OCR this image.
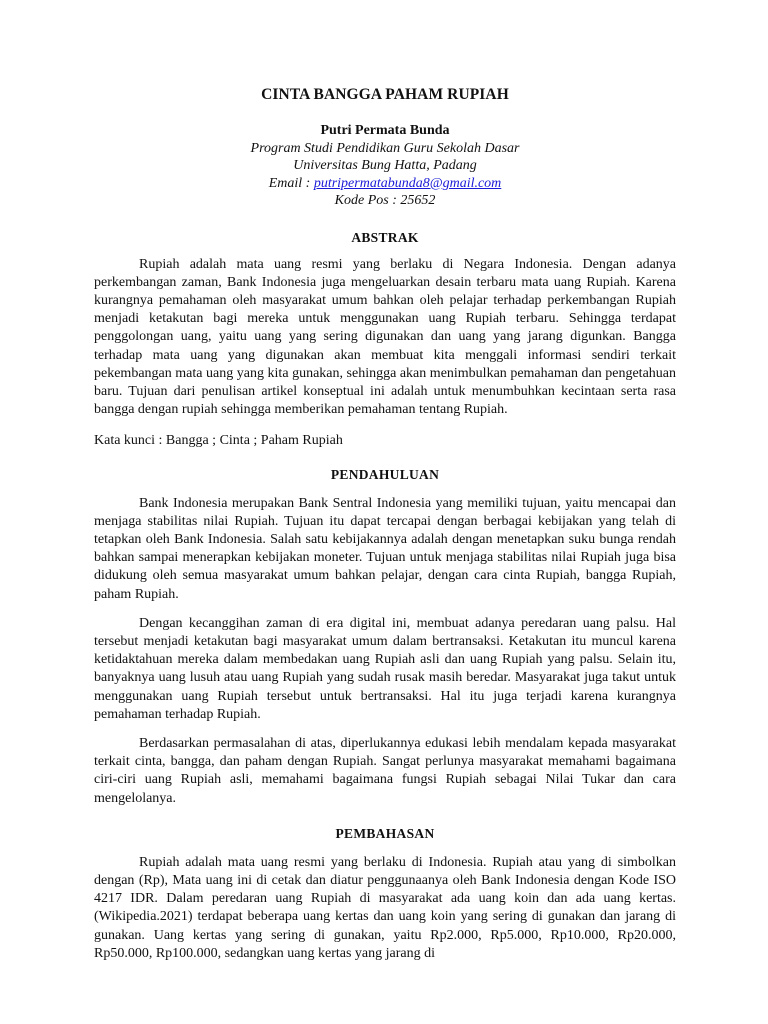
CINTA BANGGA PAHAM RUPIAH
Putri Permata Bunda
Program Studi Pendidikan Guru Sekolah Dasar
Universitas Bung Hatta, Padang
Email : putripermatabunda8@gmail.com
Kode Pos : 25652
ABSTRAK

Rupiah adalah mata uang resmi yang berlaku di Negara Indonesia. Dengan adanya perkembangan zaman, Bank Indonesia juga mengeluarkan desain terbaru mata uang Rupiah. Karena kurangnya pemahaman oleh masyarakat umum bahkan oleh pelajar terhadap perkembangan Rupiah menjadi ketakutan bagi mereka untuk menggunakan uang Rupiah terbaru. Sehingga terdapat penggolongan uang, yaitu uang yang sering digunakan dan uang yang jarang digunkan. Bangga terhadap mata uang yang digunakan akan membuat kita menggali informasi sendiri terkait pekembangan mata uang yang kita gunakan, sehingga akan menimbulkan pemahaman dan pengetahuan baru. Tujuan dari penulisan artikel konseptual ini adalah untuk menumbuhkan kecintaan serta rasa bangga dengan rupiah sehingga memberikan pemahaman tentang Rupiah.

Kata kunci : Bangga ; Cinta ; Paham Rupiah

PENDAHULUAN

Bank Indonesia merupakan Bank Sentral Indonesia yang memiliki tujuan, yaitu mencapai dan menjaga stabilitas nilai Rupiah. Tujuan itu dapat tercapai dengan berbagai kebijakan yang telah di tetapkan oleh Bank Indonesia. Salah satu kebijakannya adalah dengan menetapkan suku bunga rendah bahkan sampai menerapkan kebijakan moneter. Tujuan untuk menjaga stabilitas nilai Rupiah juga bisa didukung oleh semua masyarakat umum bahkan pelajar, dengan cara cinta Rupiah, bangga Rupiah, paham Rupiah.

Dengan kecanggihan zaman di era digital ini, membuat adanya peredaran uang palsu. Hal tersebut menjadi ketakutan bagi masyarakat umum dalam bertransaksi. Ketakutan itu muncul karena ketidaktahuan mereka dalam membedakan uang Rupiah asli dan uang Rupiah yang palsu. Selain itu, banyaknya uang lusuh atau uang Rupiah yang sudah rusak masih beredar. Masyarakat juga takut untuk menggunakan uang Rupiah tersebut untuk bertransaksi. Hal itu juga terjadi karena kurangnya pemahaman terhadap Rupiah.

Berdasarkan permasalahan di atas, diperlukannya edukasi lebih mendalam kepada masyarakat terkait cinta, bangga, dan paham dengan Rupiah. Sangat perlunya masyarakat memahami bagaimana ciri-ciri uang Rupiah asli, memahami bagaimana fungsi Rupiah sebagai Nilai Tukar dan cara mengelolanya.

PEMBAHASAN

Rupiah adalah mata uang resmi yang berlaku di Indonesia. Rupiah atau yang di simbolkan dengan (Rp), Mata uang ini di cetak dan diatur penggunaanya oleh Bank Indonesia dengan Kode ISO 4217 IDR. Dalam peredaran uang Rupiah di masyarakat ada uang koin dan ada uang kertas. (Wikipedia.2021) terdapat beberapa uang kertas dan uang koin yang sering di gunakan dan jarang di gunakan. Uang kertas yang sering di gunakan, yaitu Rp2.000, Rp5.000, Rp10.000, Rp20.000, Rp50.000, Rp100.000, sedangkan uang kertas yang jarang di
